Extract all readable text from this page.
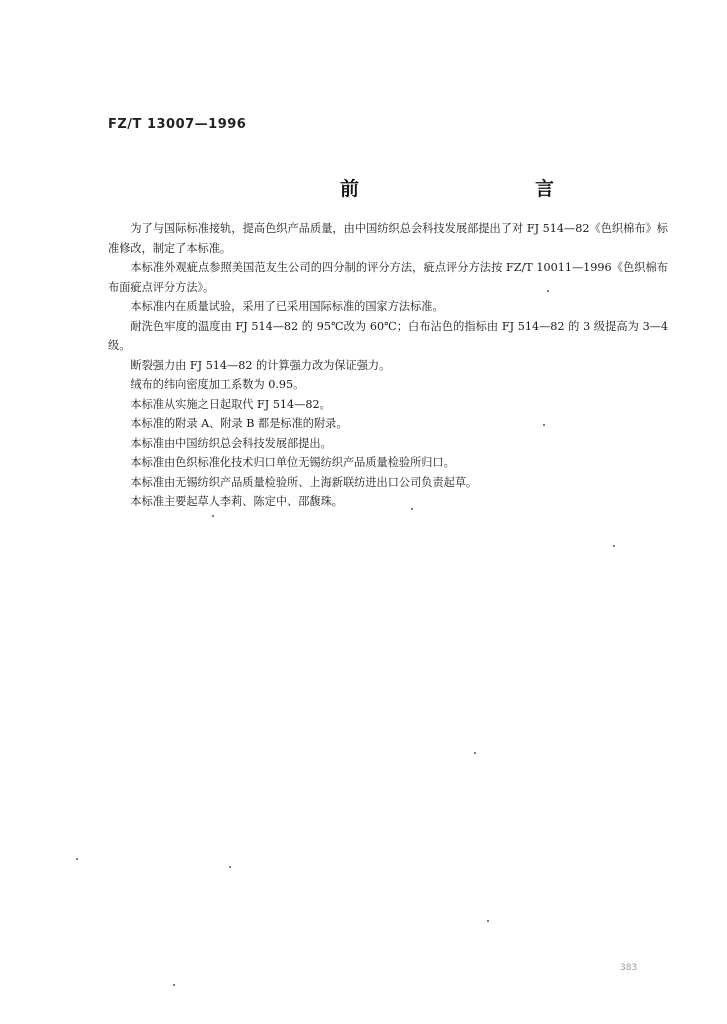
FZ/T 13007—1996
前　　言

为了与国际标准接轨，提高色织产品质量，由中国纺织总会科技发展部提出了对 FJ 514—82《色织棉布》标准修改，制定了本标准。

本标准外观疵点参照美国范友生公司的四分制的评分方法，疵点评分方法按 FZ/T 10011—1996《色织棉布布面疵点评分方法》。

本标准内在质量试验，采用了已采用国际标准的国家方法标准。

耐洗色牢度的温度由 FJ 514—82 的 95℃改为 60℃；白布沾色的指标由 FJ 514—82 的 3 级提高为 3—4 级。

断裂强力由 FJ 514—82 的计算强力改为保证强力。

绒布的纬向密度加工系数为 0.95。

本标准从实施之日起取代 FJ 514—82。

本标准的附录 A、附录 B 都是标准的附录。

本标准由中国纺织总会科技发展部提出。

本标准由色织标准化技术归口单位无锡纺织产品质量检验所归口。

本标准由无锡纺织产品质量检验所、上海新联纺进出口公司负责起草。

本标准主要起草人李莉、陈定中、邵馥珠。

383
